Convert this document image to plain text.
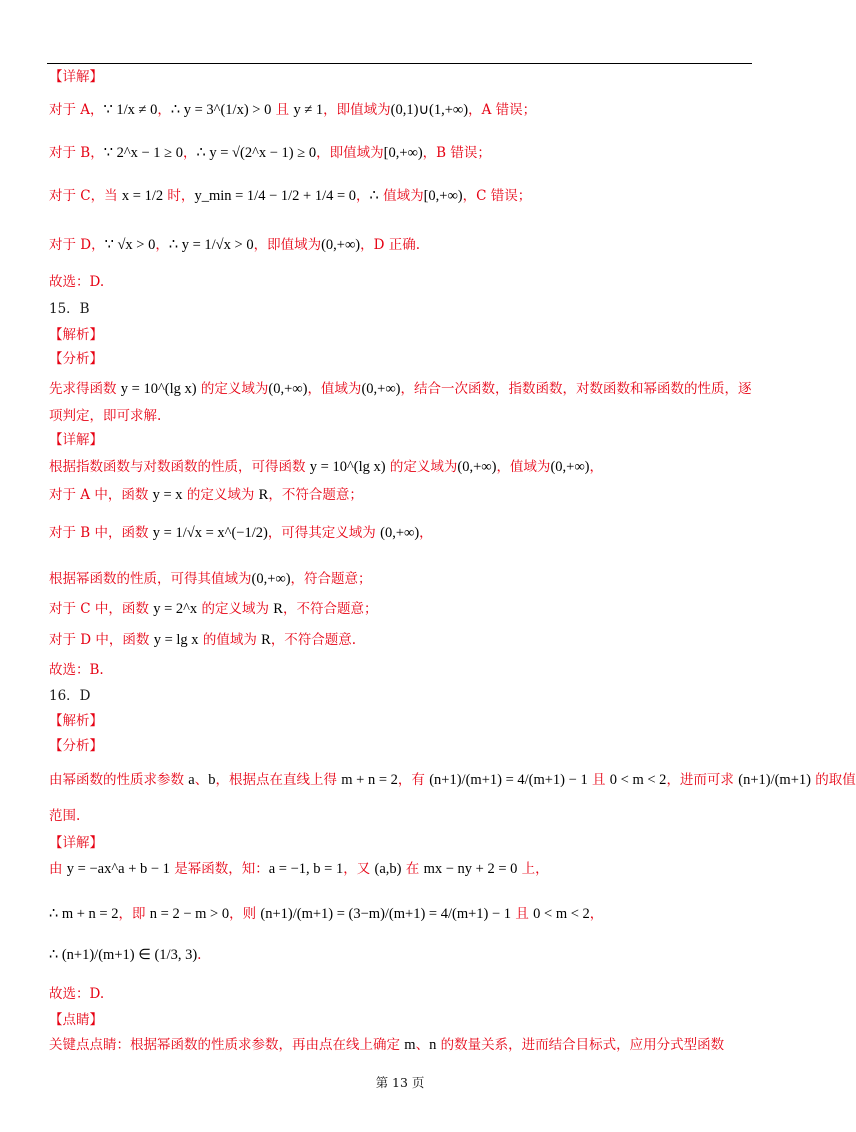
【详解】
对于 A，∵ 1/x ≠ 0，∴ y = 3^(1/x) > 0 且 y ≠ 1，即值域为(0,1)∪(1,+∞)，A 错误；
对于 B，∵ 2^x − 1 ≥ 0，∴ y = √(2^x − 1) ≥ 0，即值域为[0,+∞)，B 错误；
对于 C，当 x = 1/2 时，y_min = 1/4 − 1/2 + 1/4 = 0，∴ 值域为[0,+∞)，C 错误；
对于 D，∵ √x > 0，∴ y = 1/√x > 0，即值域为(0,+∞)，D 正确.
故选：D.
15．B
【解析】
【分析】
先求得函数 y = 10^(lg x) 的定义域为(0,+∞)，值域为(0,+∞)，结合一次函数，指数函数，对数函数和幂函数的性质，逐
项判定，即可求解.
【详解】
根据指数函数与对数函数的性质，可得函数 y = 10^(lg x) 的定义域为(0,+∞)，值域为(0,+∞)，
对于 A 中，函数 y = x 的定义域为 R，不符合题意；
对于 B 中，函数 y = 1/√x = x^(−1/2)，可得其定义域为 (0,+∞)，
根据幂函数的性质，可得其值域为(0,+∞)，符合题意；
对于 C 中，函数 y = 2^x 的定义域为 R，不符合题意；
对于 D 中，函数 y = lg x 的值域为 R，不符合题意.
故选：B.
16．D
【解析】
【分析】
由幂函数的性质求参数 a、b，根据点在直线上得 m + n = 2，有 (n+1)/(m+1) = 4/(m+1) − 1 且 0 < m < 2，进而可求 (n+1)/(m+1) 的取值
范围.
【详解】
由 y = −ax^a + b − 1 是幂函数，知：a = −1, b = 1，又 (a,b) 在 mx − ny + 2 = 0 上，
∴ m + n = 2，即 n = 2 − m > 0，则 (n+1)/(m+1) = (3−m)/(m+1) = 4/(m+1) − 1 且 0 < m < 2，
∴ (n+1)/(m+1) ∈ (1/3, 3).
故选：D.
【点睛】
关键点点睛：根据幂函数的性质求参数，再由点在线上确定 m、n 的数量关系，进而结合目标式，应用分式型函数
第 13 页
